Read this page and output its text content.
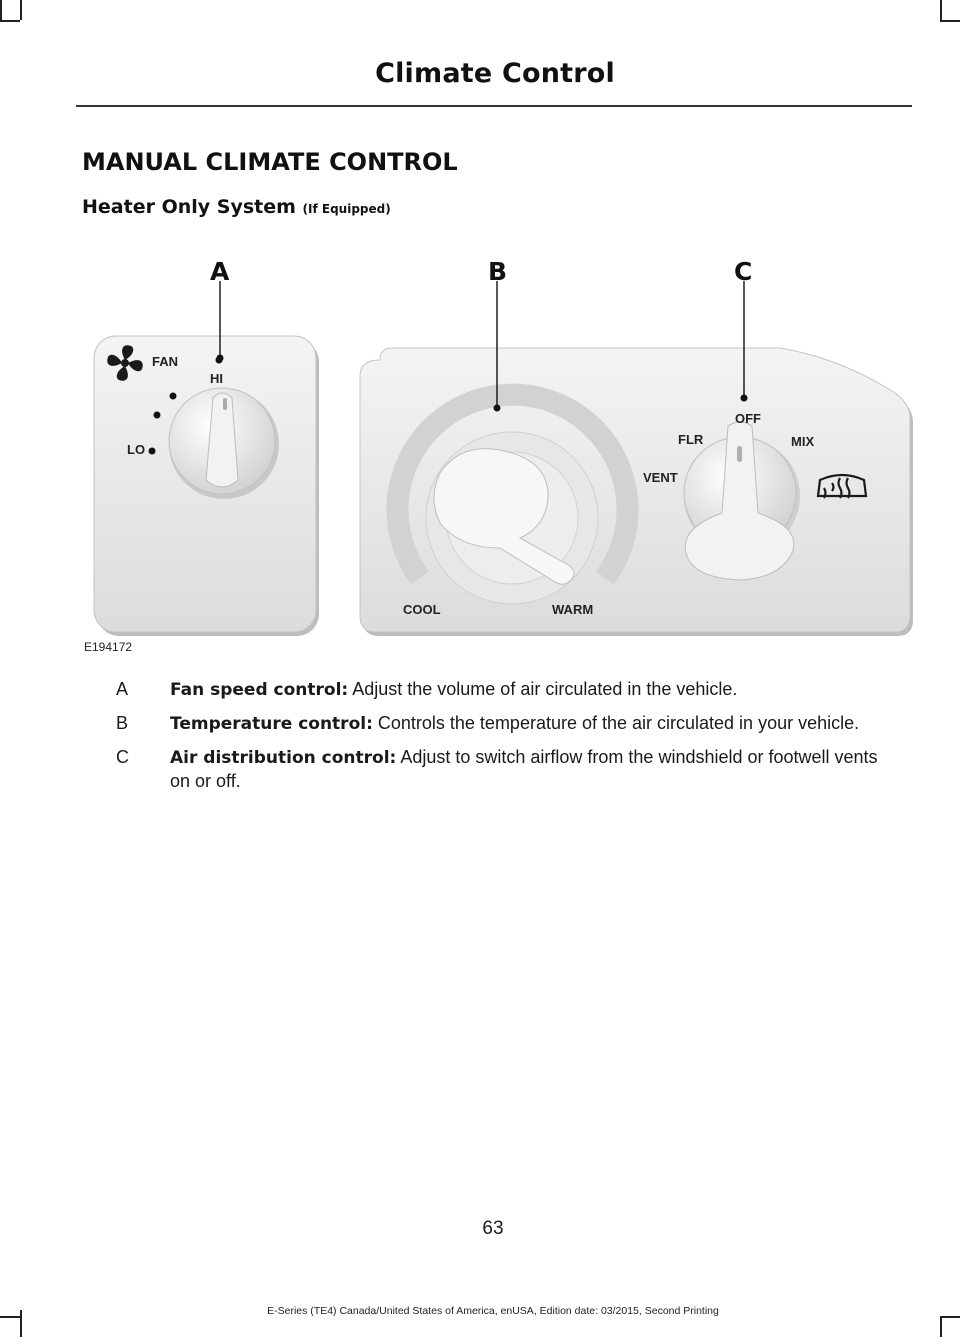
Climate Control
MANUAL CLIMATE CONTROL
Heater Only System (If Equipped)
FAN
HI
LO
COOL	WARM
OFF
FLR	MIX
VENT
A	B	C
E194172
A	Fan speed control: Adjust the volume of air circulated in the vehicle.
B	Temperature control: Controls the temperature of the air circulated in your vehicle.
C	Air distribution control: Adjust to switch airflow from the windshield or footwell vents on or off.
63
E-Series (TE4) Canada/United States of America, enUSA, Edition date: 03/2015, Second Printing
